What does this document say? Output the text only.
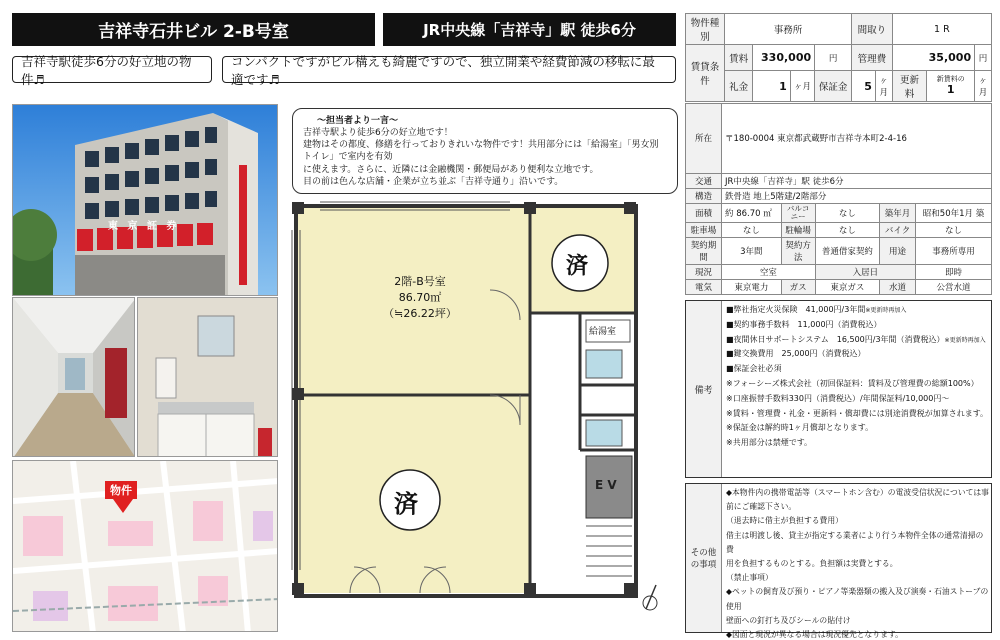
吉祥寺石井ビル 2-B号室	JR中央線「吉祥寺」駅 徒歩6分
吉祥寺駅徒歩6分の好立地の物件♬
コンパクトですがビル構えも綺麗ですので、独立開業や経費節減の移転に最適です♬
東 京 証 券
物件
～担当者より一言～
吉祥寺駅より徒歩6分の好立地です！
建物はその都度、修繕を行っておりきれいな物件です！共用部分には「給湯室」「男女別トイレ」で室内を有効
に使えます。さらに、近隣には金融機関・郵便局があり便利な立地です。
目の前は色んな店舗・企業が立ち並ぶ「吉祥寺通り」沿いです。
2階-B号室
86.70㎡
（≒26.22坪）
済
済
給湯室
E V
物件種別	事務所				間取り		1 R		
賃貸条件	賃料	330,000		円	管理費		35,000		円
	礼金	1	ヶ月	保証金	5	ヶ月	更新料	新賃料の
1	ヶ月
所在	〒180-0004 東京都武蔵野市吉祥寺本町2-4-16				
交通	JR中央線「吉祥寺」駅 徒歩6分				
構造	鉄骨造 地上5階建/2階部分				
面積	約 86.70 ㎡	バルコニー	なし	築年月	昭和50年1月 築
駐車場	なし	駐輪場	なし	バイク	なし
契約期間	3年間	契約方法	普通借家契約	用途	事務所専用
現況	空室		入居日		即時
電気	東京電力	ガス	東京ガス	水道	公営水道
備考
■弊社指定火災保険　41,000円/3年間※更新時再加入
■契約事務手数料　11,000円（消費税込）
■夜間休日サポートシステム　16,500円/3年間（消費税込）※更新時再加入
■鍵交換費用　25,000円（消費税込）
■保証会社必須
※フォーシーズ株式会社（初回保証料：賃料及び管理費の総額100%）
※口座振替手数料330円（消費税込）/年間保証料/10,000円～
※賃料・管理費・礼金・更新料・償却費には別途消費税が加算されます。
※保証金は解約時1ヶ月償却となります。
※共用部分は禁煙です。
その他の事項
◆本物件内の携帯電話等（スマートホン含む）の電波受信状況については事
前にご確認下さい。
（退去時に借主が負担する費用）
借主は明渡し後、貸主が指定する業者により行う本物件全体の通常清掃の費
用を負担するものとする。負担額は実費とする。
（禁止事項）
◆ペットの飼育及び預り・ピアノ等楽器類の搬入及び演奏・石油ストーブの使用
壁面への釘打ち及びシールの貼付け
◆図面と現況が異なる場合は現況優先となります。
